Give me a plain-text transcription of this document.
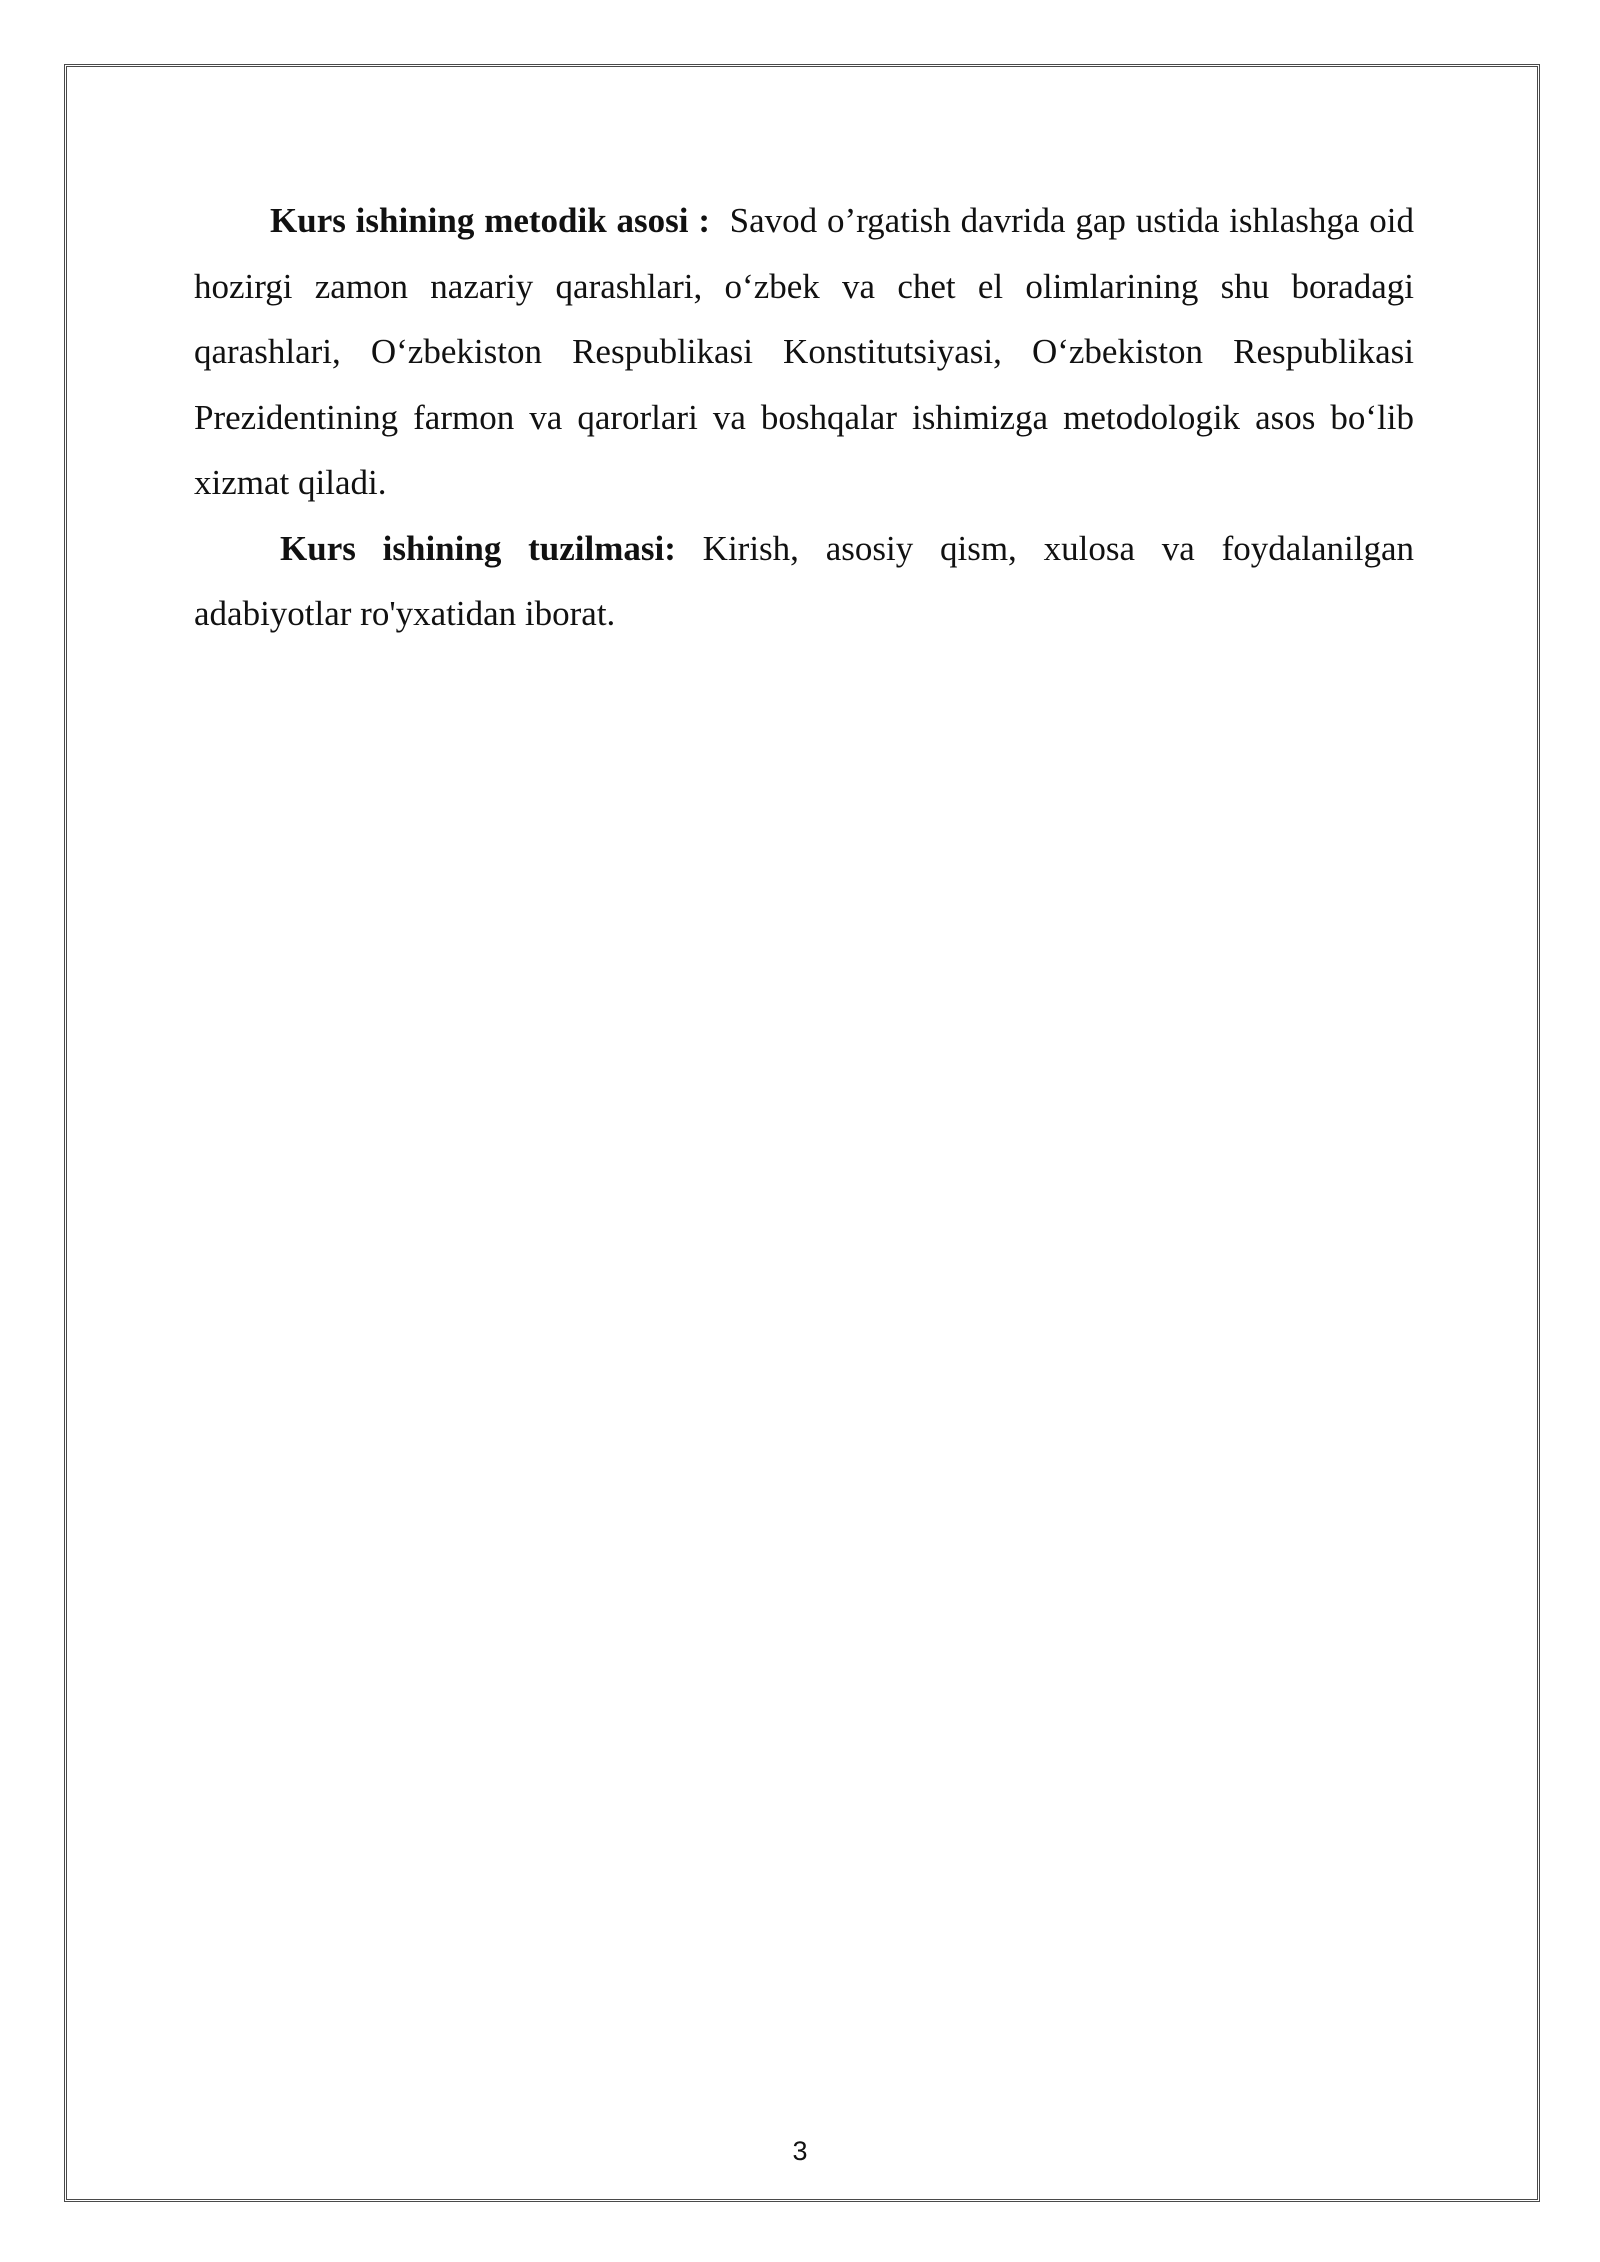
Kurs ishining metodik asosi : Savod o’rgatish davrida gap ustida ishlashga oid hozirgi zamon nazariy qarashlari, o‘zbek va chet el olimlarining shu boradagi qarashlari, O‘zbekiston Respublikasi Konstitutsiyasi, O‘zbekiston Respublikasi Prezidentining farmon va qarorlari va boshqalar ishimizga metodologik asos bo‘lib xizmat qiladi.

Kurs ishining tuzilmasi: Kirish, asosiy qism, xulosa va foydalanilgan adabiyotlar ro'yxatidan iborat.

3
